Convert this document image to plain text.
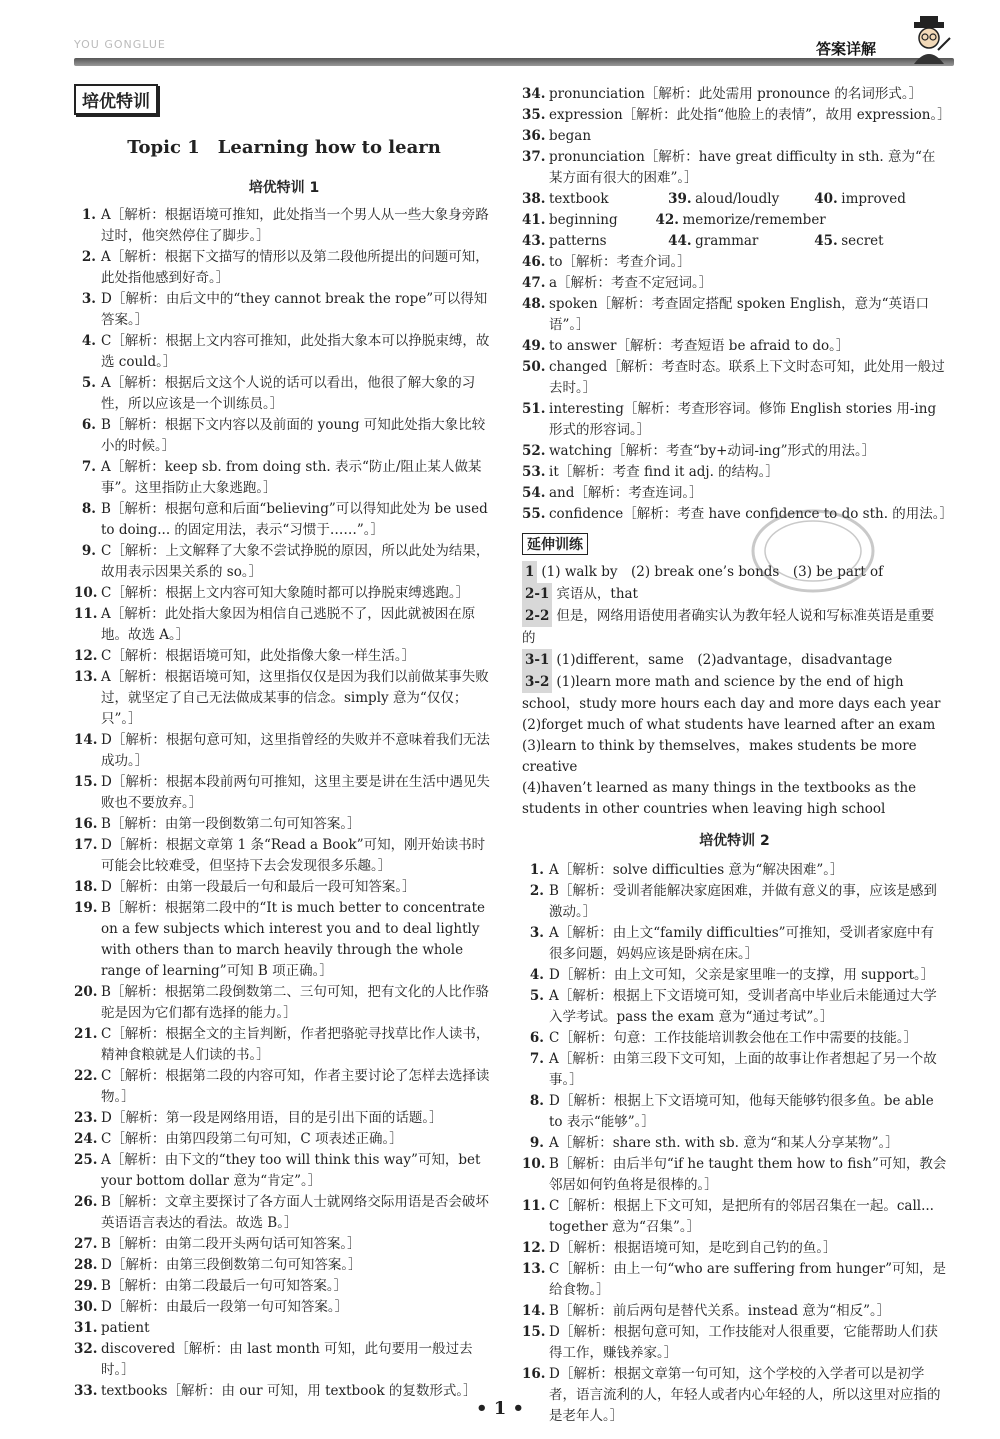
YOU GONGLUE	答案详解
培优特训
Topic 1　Learning how to learn
培优特训 1
1. A［解析：根据语境可推知，此处指当一个男人从一些大象身旁路过时，他突然停住了脚步。］
2. A［解析：根据下文描写的情形以及第二段他所提出的问题可知，此处指他感到好奇。］
3. D［解析：由后文中的“they cannot break the rope”可以得知答案。］
4. C［解析：根据上文内容可推知，此处指大象本可以挣脱束缚，故选 could。］
5. A［解析：根据后文这个人说的话可以看出，他很了解大象的习性，所以应该是一个训练员。］
6. B［解析：根据下文内容以及前面的 young 可知此处指大象比较小的时候。］
7. A［解析：keep sb. from doing sth. 表示“防止/阻止某人做某事”。这里指防止大象逃跑。］
8. B［解析：根据句意和后面“believing”可以得知此处为 be used to doing... 的固定用法，表示“习惯于……”。］
9. C［解析：上文解释了大象不尝试挣脱的原因，所以此处为结果，故用表示因果关系的 so。］
10. C［解析：根据上文内容可知大象随时都可以挣脱束缚逃跑。］
11. A［解析：此处指大象因为相信自己逃脱不了，因此就被困在原地。故选 A。］
12. C［解析：根据语境可知，此处指像大象一样生活。］
13. A［解析：根据语境可知，这里指仅仅是因为我们以前做某事失败过，就坚定了自己无法做成某事的信念。simply 意为“仅仅；只”。］
14. D［解析：根据句意可知，这里指曾经的失败并不意味着我们无法成功。］
15. D［解析：根据本段前两句可推知，这里主要是讲在生活中遇见失败也不要放弃。］
16. B［解析：由第一段倒数第二句可知答案。］
17. D［解析：根据文章第 1 条“Read a Book”可知，刚开始读书时可能会比较难受，但坚持下去会发现很多乐趣。］
18. D［解析：由第一段最后一句和最后一段可知答案。］
19. B［解析：根据第二段中的“It is much better to concentrate on a few subjects which interest you and to deal lightly with others than to march heavily through the whole range of learning”可知 B 项正确。］
20. B［解析：根据第二段倒数第二、三句可知，把有文化的人比作骆驼是因为它们都有选择的能力。］
21. C［解析：根据全文的主旨判断，作者把骆驼寻找草比作人读书，精神食粮就是人们读的书。］
22. C［解析：根据第二段的内容可知，作者主要讨论了怎样去选择读物。］
23. D［解析：第一段是网络用语，目的是引出下面的话题。］
24. C［解析：由第四段第二句可知，C 项表述正确。］
25. A［解析：由下文的“they too will think this way”可知，bet your bottom dollar 意为“肯定”。］
26. B［解析：文章主要探讨了各方面人士就网络交际用语是否会破坏英语语言表达的看法。故选 B。］
27. B［解析：由第二段开头两句话可知答案。］
28. D［解析：由第三段倒数第二句可知答案。］
29. B［解析：由第二段最后一句可知答案。］
30. D［解析：由最后一段第一句可知答案。］
31. patient
32. discovered［解析：由 last month 可知，此句要用一般过去时。］
33. textbooks［解析：由 our 可知，用 textbook 的复数形式。］
34. pronunciation［解析：此处需用 pronounce 的名词形式。］
35. expression［解析：此处指“他脸上的表情”，故用 expression。］
36. began
37. pronunciation［解析：have great difficulty in sth. 意为“在某方面有很大的困难”。］
38. textbook	39. aloud/loudly	40. improved
41. beginning	42. memorize/remember
43. patterns	44. grammar	45. secret
46. to［解析：考查介词。］
47. a［解析：考查不定冠词。］
48. spoken［解析：考查固定搭配 spoken English，意为“英语口语”。］
49. to answer［解析：考查短语 be afraid to do。］
50. changed［解析：考查时态。联系上下文时态可知，此处用一般过去时。］
51. interesting［解析：考查形容词。修饰 English stories 用-ing 形式的形容词。］
52. watching［解析：考查“by+动词-ing”形式的用法。］
53. it［解析：考查 find it adj. 的结构。］
54. and［解析：考查连词。］
55. confidence［解析：考查 have confidence to do sth. 的用法。］
延伸训练
1 (1) walk by　(2) break one’s bonds　(3) be part of
2-1 宾语从，that
2-2 但是，网络用语使用者确实认为教年轻人说和写标准英语是重要的
3-1 (1)different，same　(2)advantage，disadvantage
3-2 (1)learn more math and science by the end of high school，study more hours each day and more days each year
(2)forget much of what students have learned after an exam
(3)learn to think by themselves，makes students be more creative
(4)haven’t learned as many things in the textbooks as the students in other countries when leaving high school
培优特训 2
1. A［解析：solve difficulties 意为“解决困难”。］
2. B［解析：受训者能解决家庭困难，并做有意义的事，应该是感到激动。］
3. A［解析：由上文“family difficulties”可推知，受训者家庭中有很多问题，妈妈应该是卧病在床。］
4. D［解析：由上文可知，父亲是家里唯一的支撑，用 support。］
5. A［解析：根据上下文语境可知，受训者高中毕业后未能通过大学入学考试。pass the exam 意为“通过考试”。］
6. C［解析：句意：工作技能培训教会他在工作中需要的技能。］
7. A［解析：由第三段下文可知，上面的故事让作者想起了另一个故事。］
8. D［解析：根据上下文语境可知，他每天能够钓很多鱼。be able to 表示“能够”。］
9. A［解析：share sth. with sb. 意为“和某人分享某物”。］
10. B［解析：由后半句“if he taught them how to fish”可知，教会邻居如何钓鱼将是很棒的。］
11. C［解析：根据上下文可知，是把所有的邻居召集在一起。call... together 意为“召集”。］
12. D［解析：根据语境可知，是吃到自己钓的鱼。］
13. C［解析：由上一句“who are suffering from hunger”可知，是给食物。］
14. B［解析：前后两句是替代关系。instead 意为“相反”。］
15. D［解析：根据句意可知，工作技能对人很重要，它能帮助人们获得工作，赚钱养家。］
16. D［解析：根据文章第一句可知，这个学校的入学者可以是初学者，语言流利的人，年轻人或者内心年轻的人，所以这里对应指的是老年人。］
• 1 •
